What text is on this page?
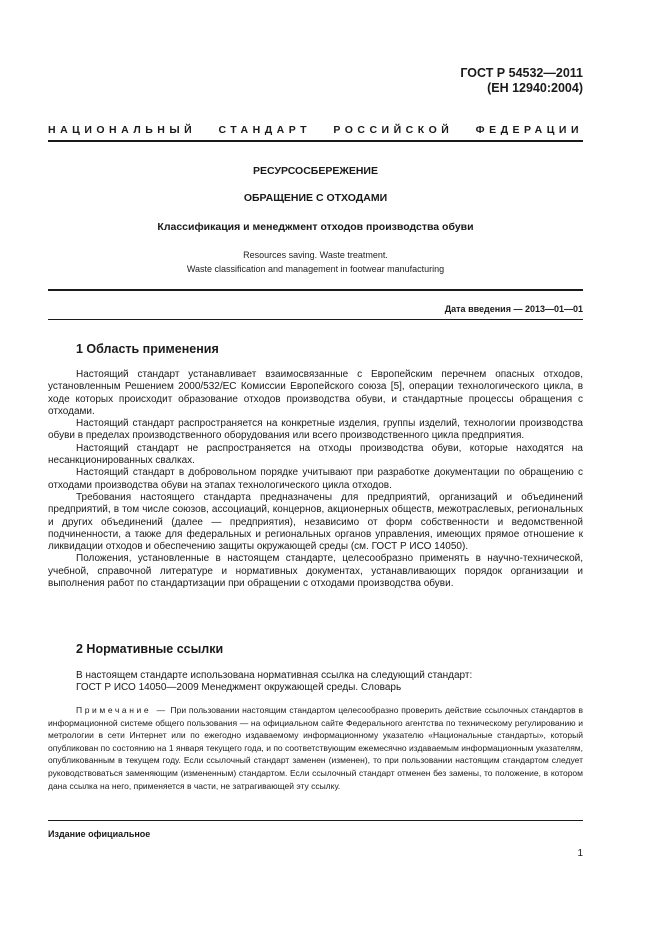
ГОСТ Р 54532—2011
(ЕН 12940:2004)
НАЦИОНАЛЬНЫЙ СТАНДАРТ РОССИЙСКОЙ ФЕДЕРАЦИИ

РЕСУРСОСБЕРЕЖЕНИЕ

ОБРАЩЕНИЕ С ОТХОДАМИ

Классификация и менеджмент отходов производства обуви

Resources saving. Waste treatment.

Waste classification and management in footwear manufacturing

Дата введения — 2013—01—01
1 Область применения

Настоящий стандарт устанавливает взаимосвязанные с Европейским перечнем опасных отходов, установленным Решением 2000/532/ЕС Комиссии Европейского союза [5], операции технологического цикла, в ходе которых происходит образование отходов производства обуви, и стандартные процессы обращения с отходами.

Настоящий стандарт распространяется на конкретные изделия, группы изделий, технологии производства обуви в пределах производственного оборудования или всего производственного цикла предприятия.

Настоящий стандарт не распространяется на отходы производства обуви, которые находятся на несанкционированных свалках.

Настоящий стандарт в добровольном порядке учитывают при разработке документации по обращению с отходами производства обуви на этапах технологического цикла отходов.

Требования настоящего стандарта предназначены для предприятий, организаций и объединений предприятий, в том числе союзов, ассоциаций, концернов, акционерных обществ, межотраслевых, региональных и других объединений (далее — предприятия), независимо от форм собственности и ведомственной подчиненности, а также для федеральных и региональных органов управления, имеющих прямое отношение к ликвидации отходов и обеспечению защиты окружающей среды (см. ГОСТ Р ИСО 14050).

Положения, установленные в настоящем стандарте, целесообразно применять в научно-технической, учебной, справочной литературе и нормативных документах, устанавливающих порядок организации и выполнения работ по стандартизации при обращении с отходами производства обуви.

2 Нормативные ссылки

В настоящем стандарте использована нормативная ссылка на следующий стандарт:

ГОСТ Р ИСО 14050—2009 Менеджмент окружающей среды. Словарь

Примечание — При пользовании настоящим стандартом целесообразно проверить действие ссылочных стандартов в информационной системе общего пользования — на официальном сайте Федерального агентства по техническому регулированию и метрологии в сети Интернет или по ежегодно издаваемому информационному указателю «Национальные стандарты», который опубликован по состоянию на 1 января текущего года, и по соответствующим ежемесячно издаваемым информационным указателям, опубликованным в текущем году. Если ссылочный стандарт заменен (изменен), то при пользовании настоящим стандартом следует руководствоваться заменяющим (измененным) стандартом. Если ссылочный стандарт отменен без замены, то положение, в котором дана ссылка на него, применяется в части, не затрагивающей эту ссылку.

Издание официальное
1
